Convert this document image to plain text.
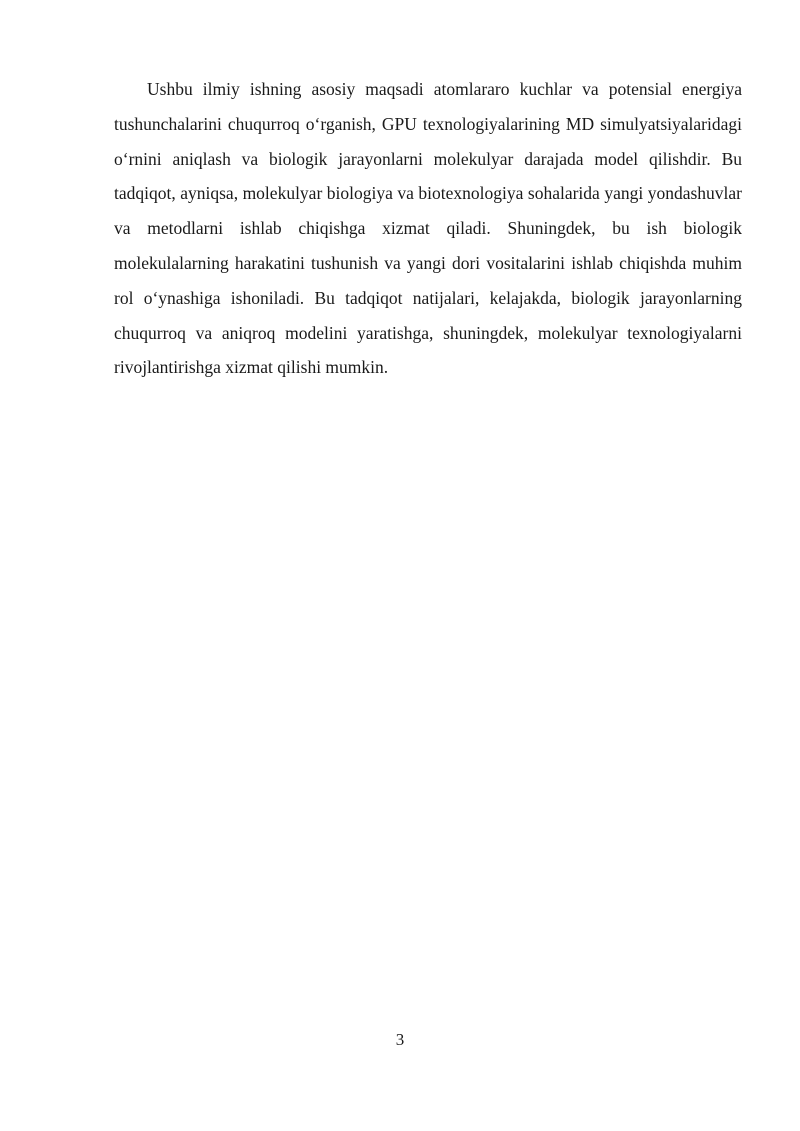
Ushbu ilmiy ishning asosiy maqsadi atomlararo kuchlar va potensial energiya tushunchalarini chuqurroq o‘rganish, GPU texnologiyalarining MD simulyatsiyalaridagi o‘rnini aniqlash va biologik jarayonlarni molekulyar darajada model qilishdir. Bu tadqiqot, ayniqsa, molekulyar biologiya va biotexnologiya sohalarida yangi yondashuvlar va metodlarni ishlab chiqishga xizmat qiladi. Shuningdek, bu ish biologik molekulalarning harakatini tushunish va yangi dori vositalarini ishlab chiqishda muhim rol o‘ynashiga ishoniladi. Bu tadqiqot natijalari, kelajakda, biologik jarayonlarning chuqurroq va aniqroq modelini yaratishga, shuningdek, molekulyar texnologiyalarni rivojlantirishga xizmat qilishi mumkin.

3
